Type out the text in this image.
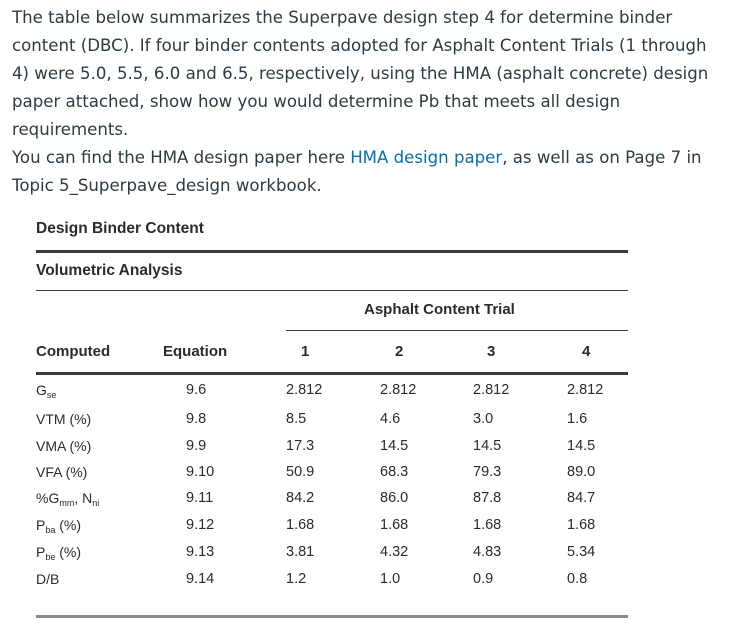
The table below summarizes the Superpave design step 4 for determine binder content (DBC). If four binder contents adopted for Asphalt Content Trials (1 through 4) were 5.0, 5.5, 6.0 and 6.5, respectively, using the HMA (asphalt concrete) design paper attached, show how you would determine Pb that meets all design requirements.

You can find the HMA design paper here HMA design paper, as well as on Page 7 in Topic 5_Superpave_design workbook.

Design Binder Content
Volumetric Analysis
Asphalt Content Trial
Computed	Equation	1	2	3	4
$G_{se}$	9.6	2.812	2.812	2.812	2.812
VTM (%)	9.8	8.5	4.6	3.0	1.6
VMA (%)	9.9	17.3	14.5	14.5	14.5
VFA (%)	9.10	50.9	68.3	79.3	89.0
$\%G_{mm}$, $N_{ni}$	9.11	84.2	86.0	87.8	84.7
$P_{ba}$ (%)	9.12	1.68	1.68	1.68	1.68
$P_{be}$ (%)	9.13	3.81	4.32	4.83	5.34
D/B	9.14	1.2	1.0	0.9	0.8
